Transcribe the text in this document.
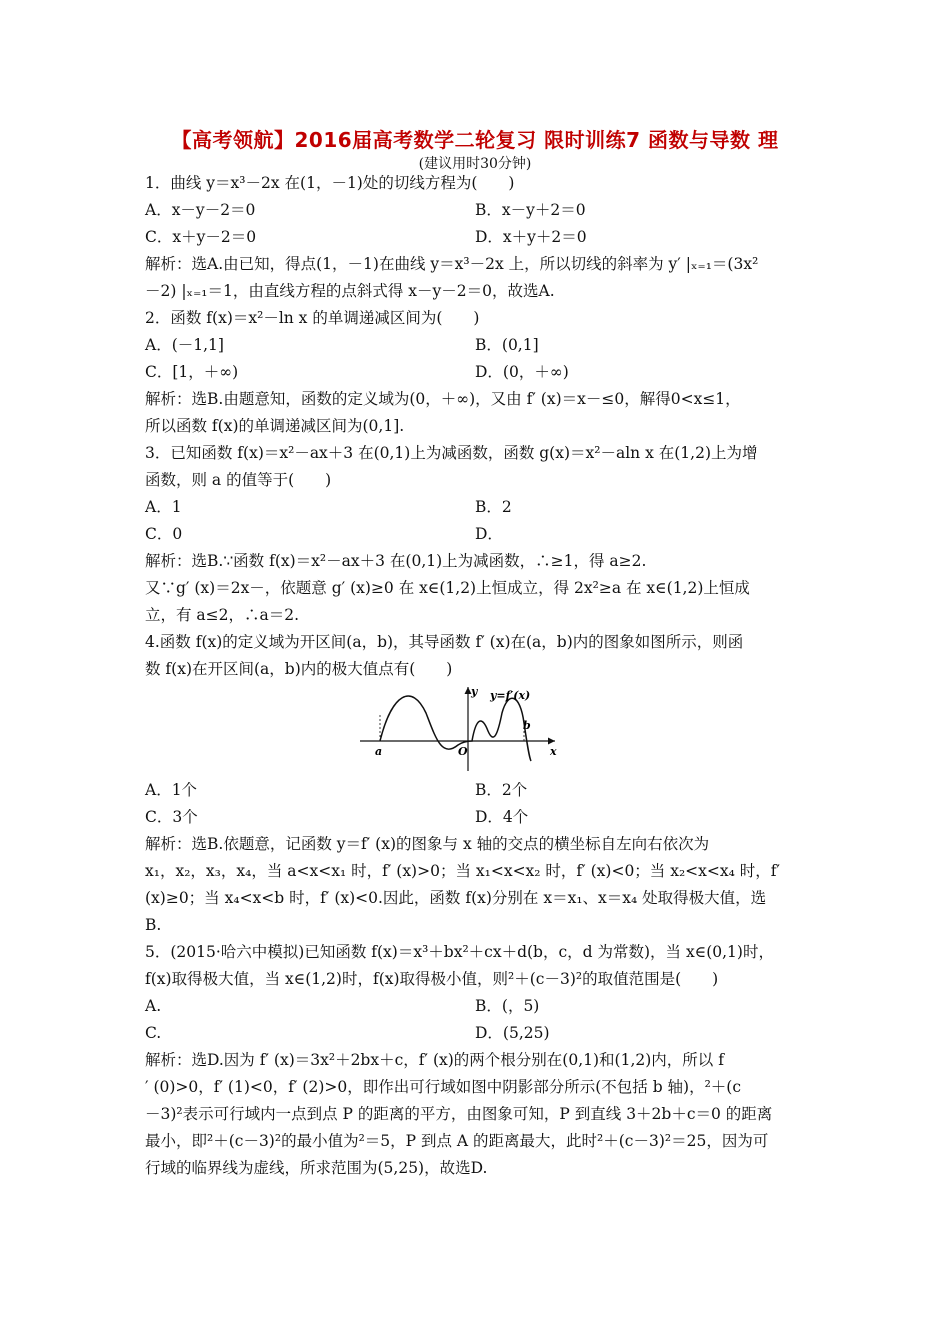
【高考领航】2016届高考数学二轮复习 限时训练7 函数与导数 理
(建议用时30分钟)
1．曲线 y＝x³－2x 在(1，－1)处的切线方程为(　　)
A．x－y－2＝0	B．x－y＋2＝0
C．x＋y－2＝0	D．x＋y＋2＝0
解析：选A.由已知，得点(1，－1)在曲线 y＝x³－2x 上，所以切线的斜率为 y′ |ₓ₌₁＝(3x²
－2) |ₓ₌₁＝1，由直线方程的点斜式得 x－y－2＝0，故选A.
2．函数 f(x)＝x²－ln x 的单调递减区间为(　　)
A．(－1,1]	B．(0,1]
C．[1，＋∞)	D．(0，＋∞)
解析：选B.由题意知，函数的定义域为(0，＋∞)，又由 f′ (x)＝x－≤0，解得0<x≤1，
所以函数 f(x)的单调递减区间为(0,1].
3．已知函数 f(x)＝x²－ax＋3 在(0,1)上为减函数，函数 g(x)＝x²－aln x 在(1,2)上为增
函数，则 a 的值等于(　　)
A．1	B．2
C．0	D．
解析：选B.∵函数 f(x)＝x²－ax＋3 在(0,1)上为减函数，∴≥1，得 a≥2.
又∵g′ (x)＝2x－，依题意 g′ (x)≥0 在 x∈(1,2)上恒成立，得 2x²≥a 在 x∈(1,2)上恒成
立，有 a≤2，∴a＝2.
4.函数 f(x)的定义域为开区间(a，b)，其导函数 f′ (x)在(a，b)内的图象如图所示，则函
数 f(x)在开区间(a，b)内的极大值点有(　　)
y y=f′(x)
a	O
b
x
A．1个	B．2个
C．3个	D．4个
解析：选B.依题意，记函数 y＝f′ (x)的图象与 x 轴的交点的横坐标自左向右依次为
x₁，x₂，x₃，x₄，当 a<x<x₁ 时，f′ (x)>0；当 x₁<x<x₂ 时，f′ (x)<0；当 x₂<x<x₄ 时，f′
(x)≥0；当 x₄<x<b 时，f′ (x)<0.因此，函数 f(x)分别在 x＝x₁、x＝x₄ 处取得极大值，选
B.
5．(2015·哈六中模拟)已知函数 f(x)＝x³＋bx²＋cx＋d(b，c，d 为常数)，当 x∈(0,1)时，
f(x)取得极大值，当 x∈(1,2)时，f(x)取得极小值，则²＋(c－3)²的取值范围是(　　)
A.	B．(，5)
C.	D．(5,25)
解析：选D.因为 f′ (x)＝3x²＋2bx＋c，f′ (x)的两个根分别在(0,1)和(1,2)内，所以 f
′ (0)>0，f′ (1)<0，f′ (2)>0，即作出可行域如图中阴影部分所示(不包括 b 轴)，²＋(c
－3)²表示可行域内一点到点 P 的距离的平方，由图象可知，P 到直线 3＋2b＋c＝0 的距离
最小，即²＋(c－3)²的最小值为²＝5，P 到点 A 的距离最大，此时²＋(c－3)²＝25，因为可
行域的临界线为虚线，所求范围为(5,25)，故选D.
